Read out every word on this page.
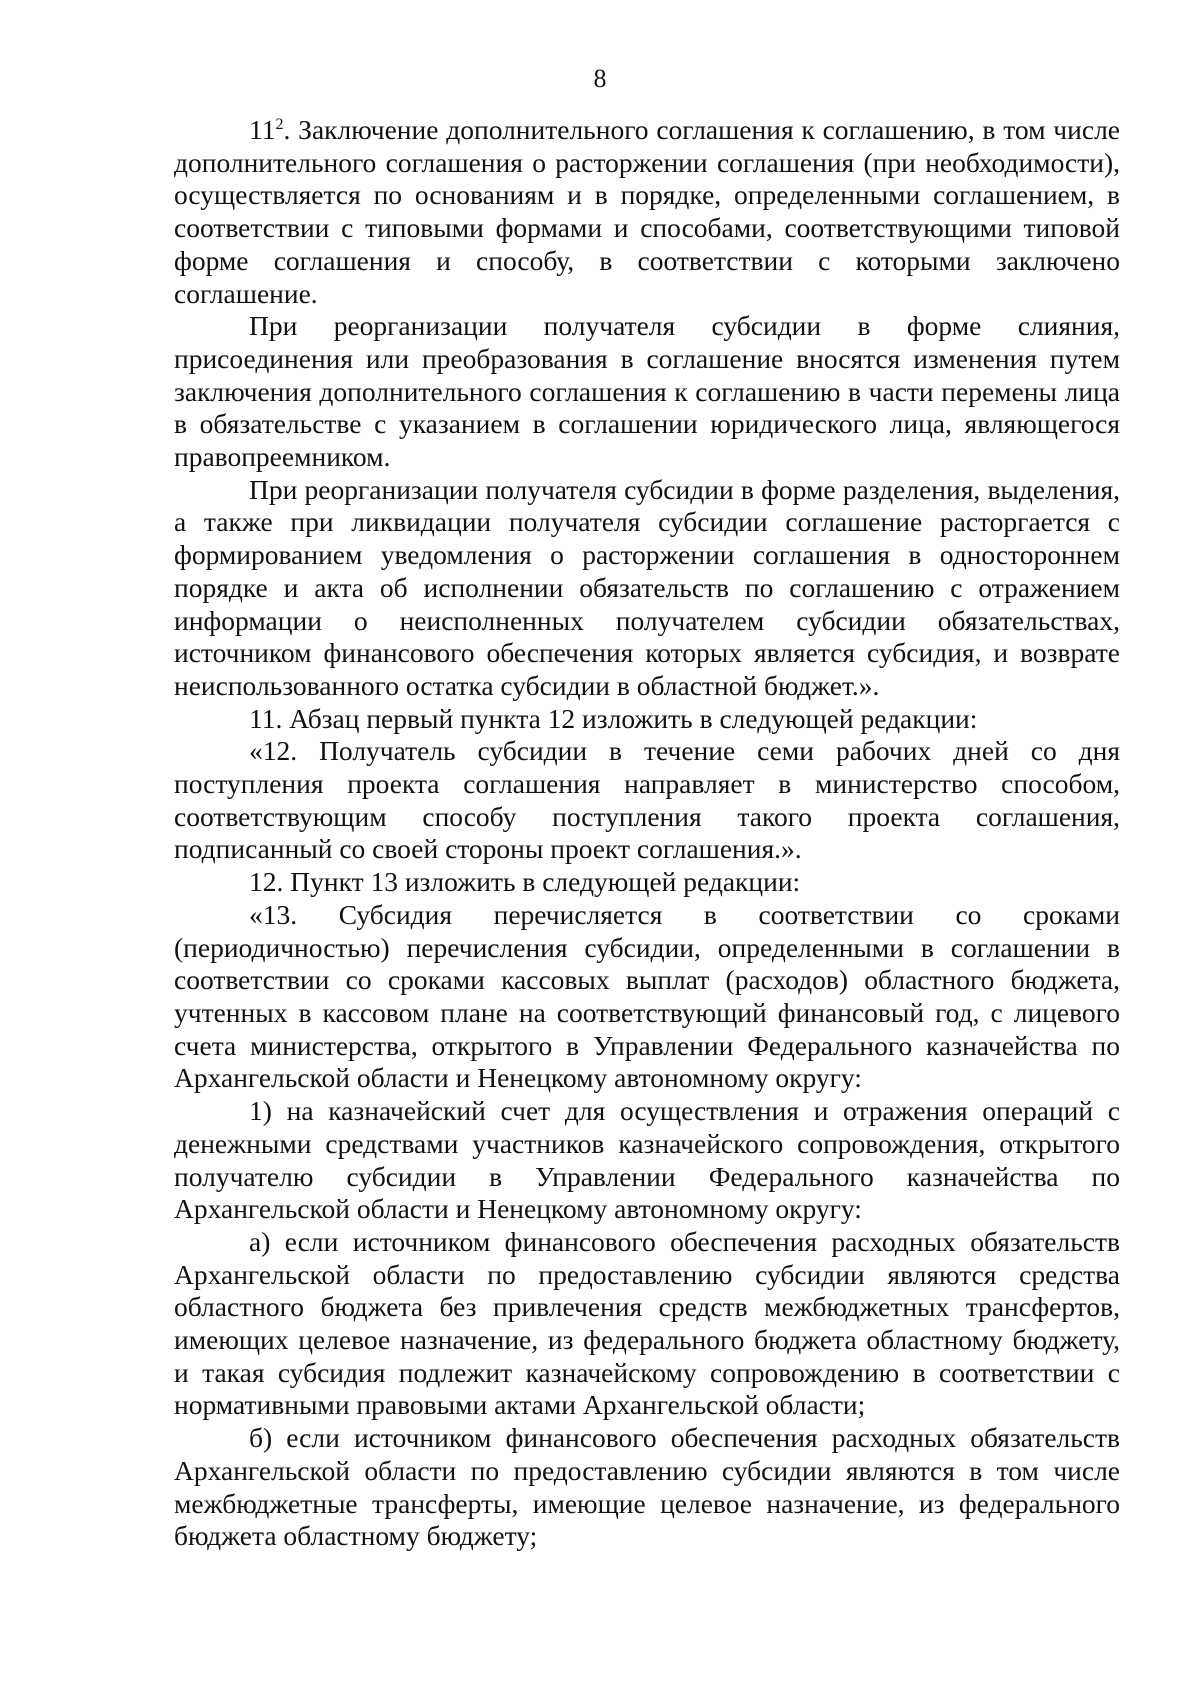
8

$11^2$. Заключение дополнительного соглашения к соглашению, в том числе дополнительного соглашения о расторжении соглашения (при необходимости), осуществляется по основаниям и в порядке, определенными соглашением, в соответствии с типовыми формами и способами, соответствующими типовой форме соглашения и способу, в соответствии с которыми заключено соглашение.

При реорганизации получателя субсидии в форме слияния, присоединения или преобразования в соглашение вносятся изменения путем заключения дополнительного соглашения к соглашению в части перемены лица в обязательстве с указанием в соглашении юридического лица, являющегося правопреемником.

При реорганизации получателя субсидии в форме разделения, выделения, а также при ликвидации получателя субсидии соглашение расторгается с формированием уведомления о расторжении соглашения в одностороннем порядке и акта об исполнении обязательств по соглашению с отражением информации о неисполненных получателем субсидии обязательствах, источником финансового обеспечения которых является субсидия, и возврате неиспользованного остатка субсидии в областной бюджет.».

11. Абзац первый пункта 12 изложить в следующей редакции:

«12. Получатель субсидии в течение семи рабочих дней со дня поступления проекта соглашения направляет в министерство способом, соответствующим способу поступления такого проекта соглашения, подписанный со своей стороны проект соглашения.».

12. Пункт 13 изложить в следующей редакции:

«13. Субсидия перечисляется в соответствии со сроками (периодичностью) перечисления субсидии, определенными в соглашении в соответствии со сроками кассовых выплат (расходов) областного бюджета, учтенных в кассовом плане на соответствующий финансовый год, с лицевого счета министерства, открытого в Управлении Федерального казначейства по Архангельской области и Ненецкому автономному округу:

1) на казначейский счет для осуществления и отражения операций с денежными средствами участников казначейского сопровождения, открытого получателю субсидии в Управлении Федерального казначейства по Архангельской области и Ненецкому автономному округу:

а) если источником финансового обеспечения расходных обязательств Архангельской области по предоставлению субсидии являются средства областного бюджета без привлечения средств межбюджетных трансфертов, имеющих целевое назначение, из федерального бюджета областному бюджету, и такая субсидия подлежит казначейскому сопровождению в соответствии с нормативными правовыми актами Архангельской области;

б) если источником финансового обеспечения расходных обязательств Архангельской области по предоставлению субсидии являются в том числе межбюджетные трансферты, имеющие целевое назначение, из федерального бюджета областному бюджету;
